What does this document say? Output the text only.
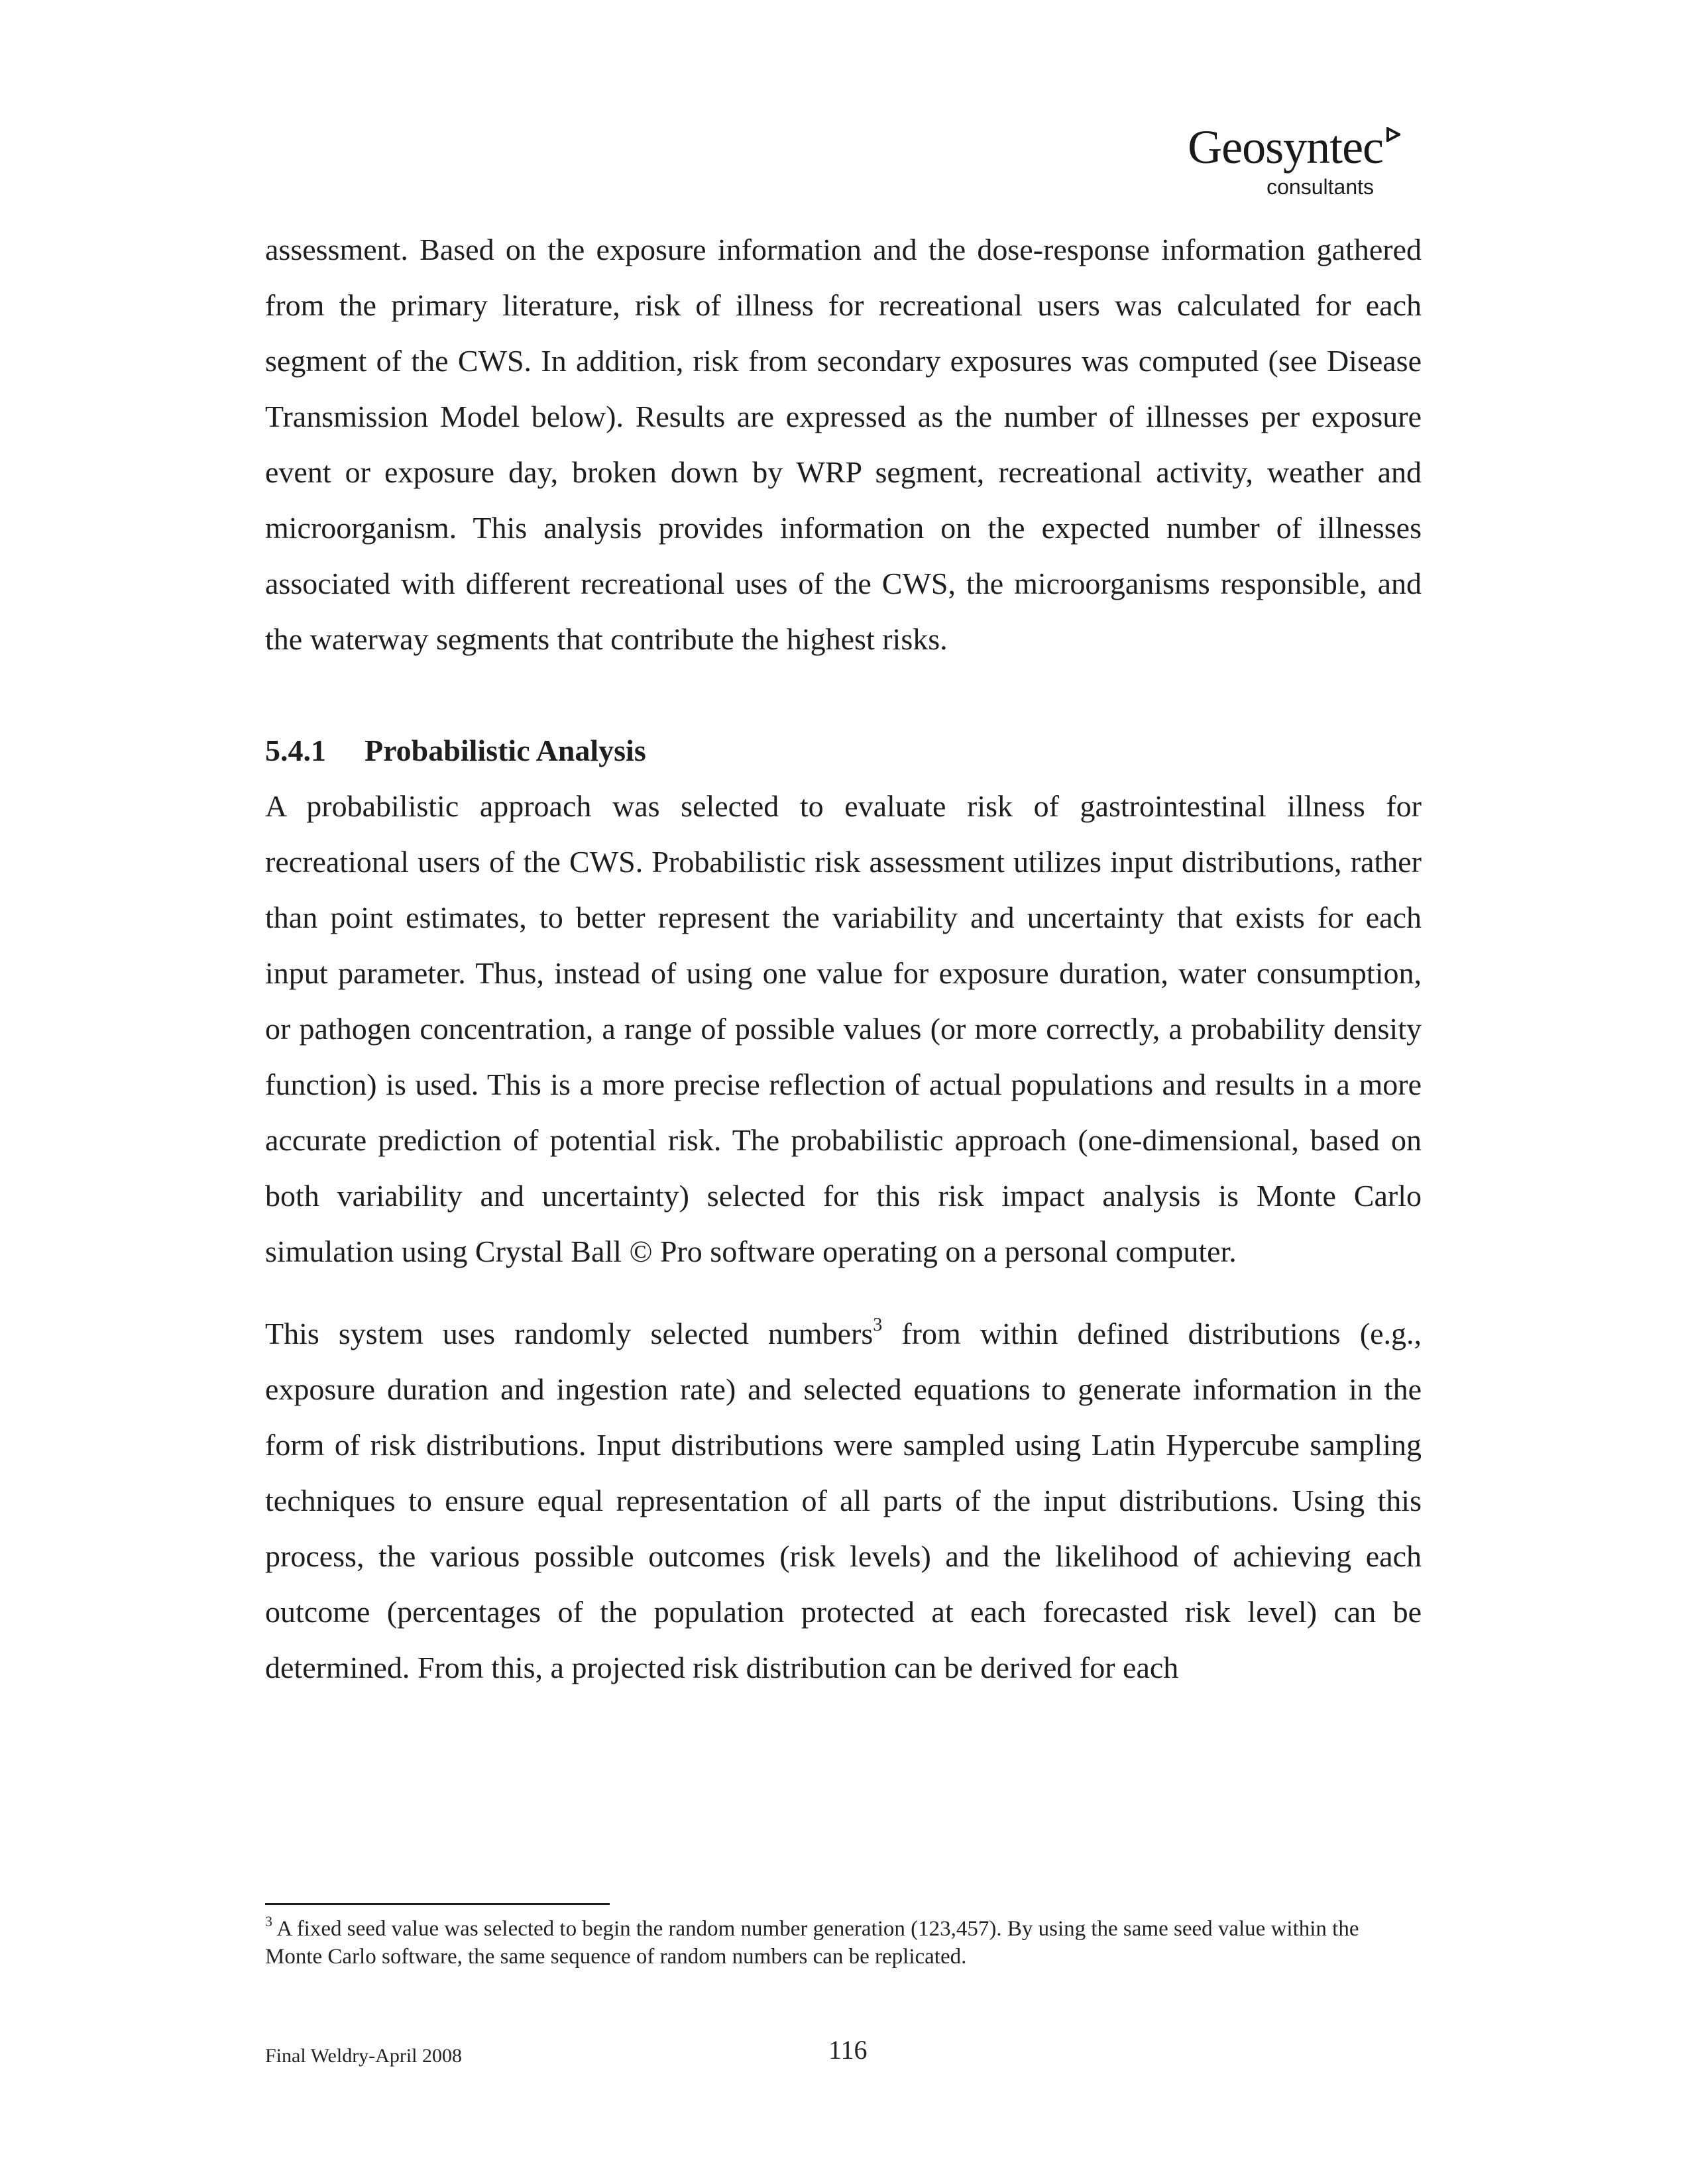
Geosyntec
consultants

assessment. Based on the exposure information and the dose-response information gathered from the primary literature, risk of illness for recreational users was calculated for each segment of the CWS. In addition, risk from secondary exposures was computed (see Disease Transmission Model below). Results are expressed as the number of illnesses per exposure event or exposure day, broken down by WRP segment, recreational activity, weather and microorganism. This analysis provides information on the expected number of illnesses associated with different recreational uses of the CWS, the microorganisms responsible, and the waterway segments that contribute the highest risks.

5.4.1 Probabilistic Analysis

A probabilistic approach was selected to evaluate risk of gastrointestinal illness for recreational users of the CWS. Probabilistic risk assessment utilizes input distributions, rather than point estimates, to better represent the variability and uncertainty that exists for each input parameter. Thus, instead of using one value for exposure duration, water consumption, or pathogen concentration, a range of possible values (or more correctly, a probability density function) is used. This is a more precise reflection of actual populations and results in a more accurate prediction of potential risk. The probabilistic approach (one-dimensional, based on both variability and uncertainty) selected for this risk impact analysis is Monte Carlo simulation using Crystal Ball © Pro software operating on a personal computer.

This system uses randomly selected numbers$^3$ from within defined distributions (e.g., exposure duration and ingestion rate) and selected equations to generate information in the form of risk distributions. Input distributions were sampled using Latin Hypercube sampling techniques to ensure equal representation of all parts of the input distributions. Using this process, the various possible outcomes (risk levels) and the likelihood of achieving each outcome (percentages of the population protected at each forecasted risk level) can be determined. From this, a projected risk distribution can be derived for each

$^3$ A fixed seed value was selected to begin the random number generation (123,457). By using the same seed value within the Monte Carlo software, the same sequence of random numbers can be replicated.

Final Weldry-April 2008	116
